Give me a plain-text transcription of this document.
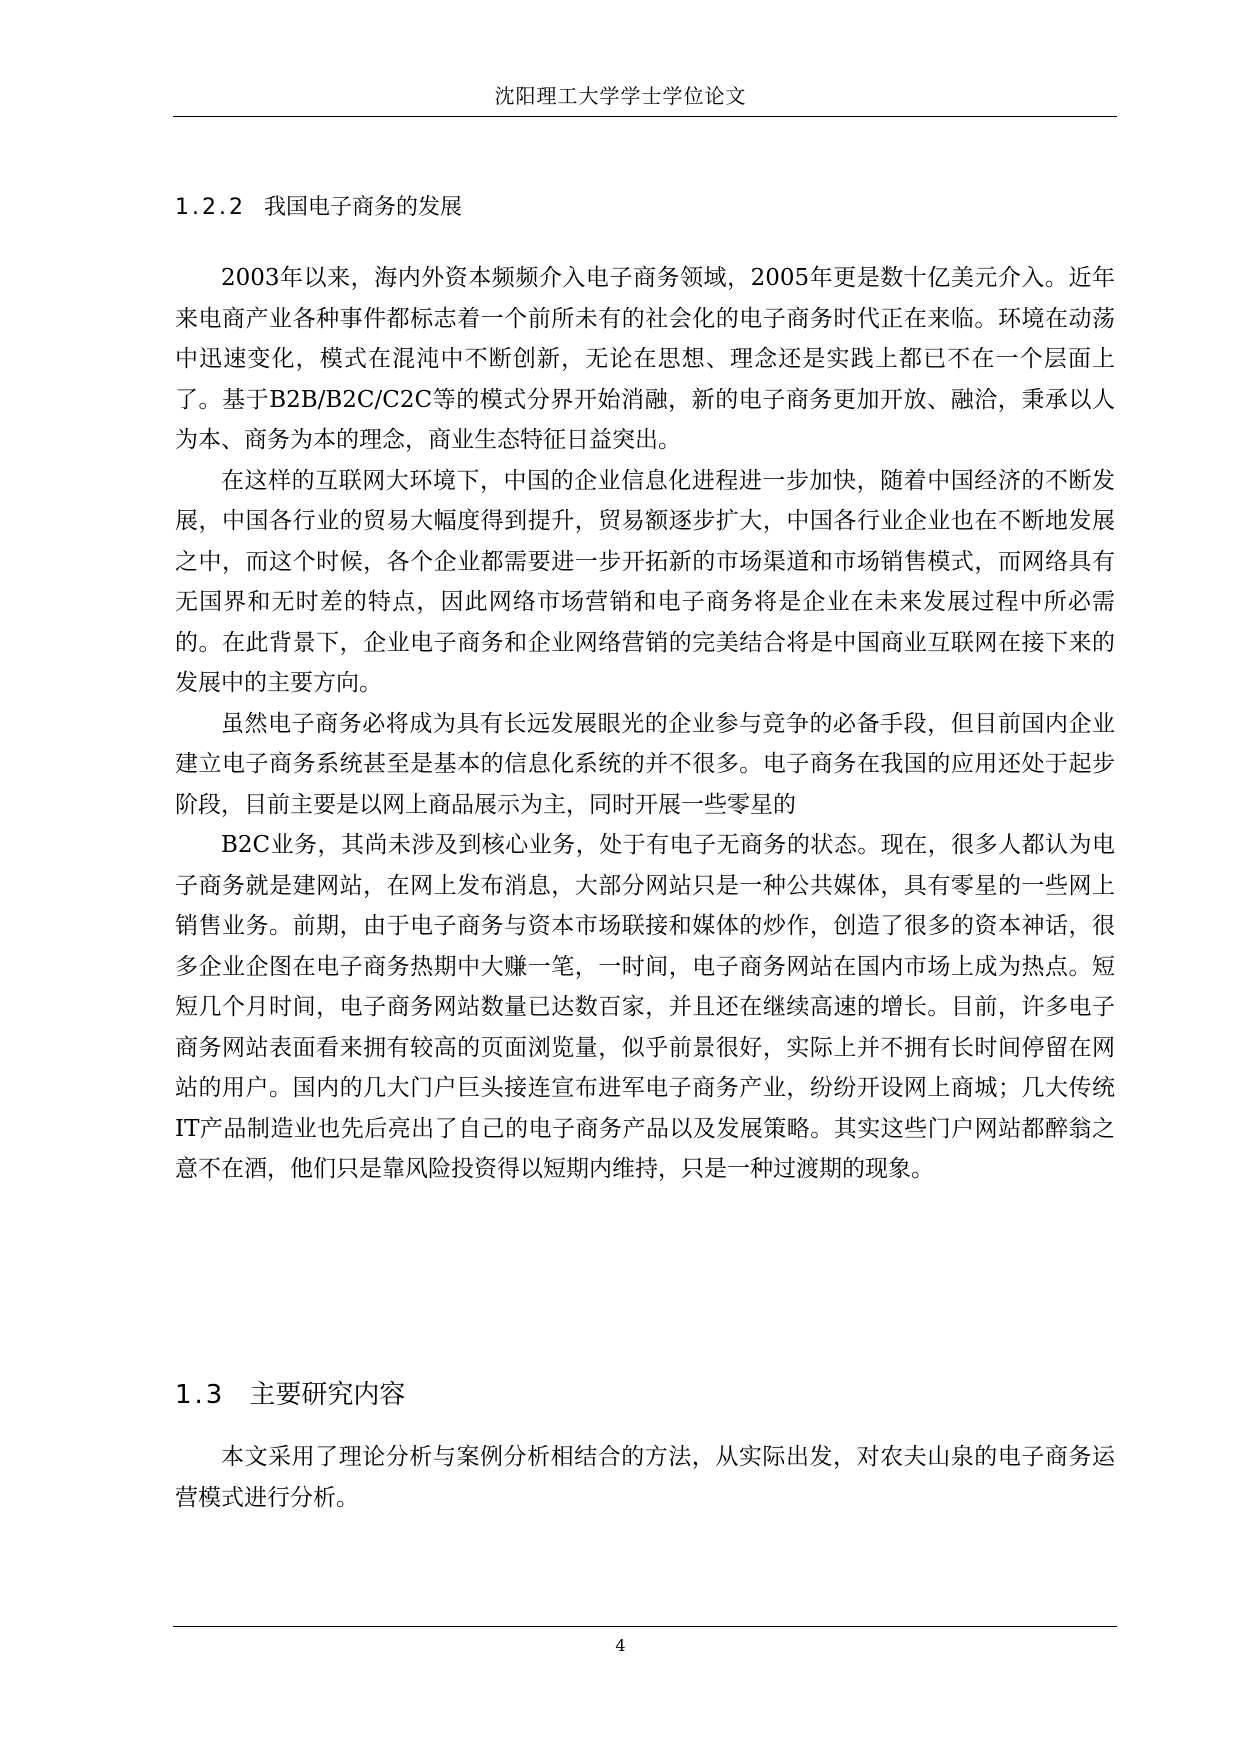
沈阳理工大学学士学位论文
1.2.2 我国电子商务的发展

2003年以来，海内外资本频频介入电子商务领域，2005年更是数十亿美元介入。近年来电商产业各种事件都标志着一个前所未有的社会化的电子商务时代正在来临。环境在动荡中迅速变化，模式在混沌中不断创新，无论在思想、理念还是实践上都已不在一个层面上了。基于B2B/B2C/C2C等的模式分界开始消融，新的电子商务更加开放、融洽，秉承以人为本、商务为本的理念，商业生态特征日益突出。

在这样的互联网大环境下，中国的企业信息化进程进一步加快，随着中国经济的不断发展，中国各行业的贸易大幅度得到提升，贸易额逐步扩大，中国各行业企业也在不断地发展之中，而这个时候，各个企业都需要进一步开拓新的市场渠道和市场销售模式，而网络具有无国界和无时差的特点，因此网络市场营销和电子商务将是企业在未来发展过程中所必需的。在此背景下，企业电子商务和企业网络营销的完美结合将是中国商业互联网在接下来的发展中的主要方向。

虽然电子商务必将成为具有长远发展眼光的企业参与竞争的必备手段，但目前国内企业建立电子商务系统甚至是基本的信息化系统的并不很多。电子商务在我国的应用还处于起步阶段，目前主要是以网上商品展示为主，同时开展一些零星的

B2C业务，其尚未涉及到核心业务，处于有电子无商务的状态。现在，很多人都认为电子商务就是建网站，在网上发布消息，大部分网站只是一种公共媒体，具有零星的一些网上销售业务。前期，由于电子商务与资本市场联接和媒体的炒作，创造了很多的资本神话，很多企业企图在电子商务热期中大赚一笔，一时间，电子商务网站在国内市场上成为热点。短短几个月时间，电子商务网站数量已达数百家，并且还在继续高速的增长。目前，许多电子商务网站表面看来拥有较高的页面浏览量，似乎前景很好，实际上并不拥有长时间停留在网站的用户。国内的几大门户巨头接连宣布进军电子商务产业，纷纷开设网上商城；几大传统IT产品制造业也先后亮出了自己的电子商务产品以及发展策略。其实这些门户网站都醉翁之意不在酒，他们只是靠风险投资得以短期内维持，只是一种过渡期的现象。

1.3 主要研究内容

本文采用了理论分析与案例分析相结合的方法，从实际出发，对农夫山泉的电子商务运营模式进行分析。

4
